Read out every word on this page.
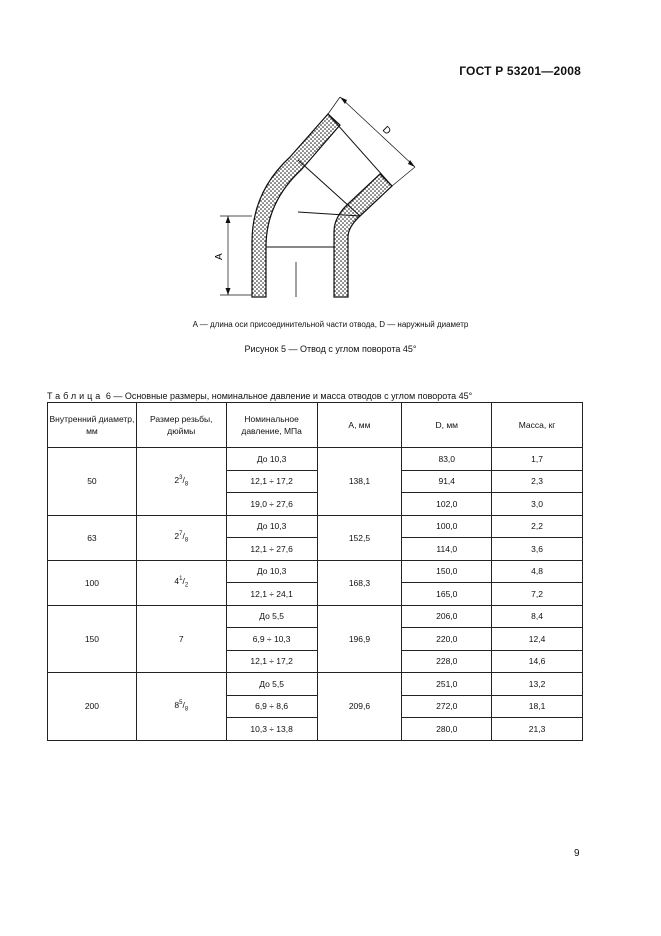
ГОСТ Р 53201—2008
D
A
A — длина оси присоединительной части отвода, D — наружный диаметр
Рисунок 5 — Отвод с углом поворота 45°
Таблица 6 — Основные размеры, номинальное давление и масса отводов с углом поворота 45°
Внутренний диаметр, мм	Размер резьбы, дюймы	Номинальное давление, МПа	A, мм	D, мм	Масса, кг
50	$2^3/_8$	До 10,3	138,1	83,0	1,7
		12,1 ÷ 17,2		91,4	2,3
		19,0 ÷ 27,6		102,0	3,0
63	$2^7/_8$	До 10,3	152,5	100,0	2,2
		12,1 ÷ 27,6		114,0	3,6
100	$4^1/_2$	До 10,3	168,3	150,0	4,8
		12,1 ÷ 24,1		165,0	7,2
150	7	До 5,5	196,9	206,0	8,4
		6,9 ÷ 10,3		220,0	12,4
		12,1 ÷ 17,2		228,0	14,6
200	$8^5/_8$	До 5,5	209,6	251,0	13,2
		6,9 ÷ 8,6		272,0	18,1
		10,3 ÷ 13,8		280,0	21,3
9
